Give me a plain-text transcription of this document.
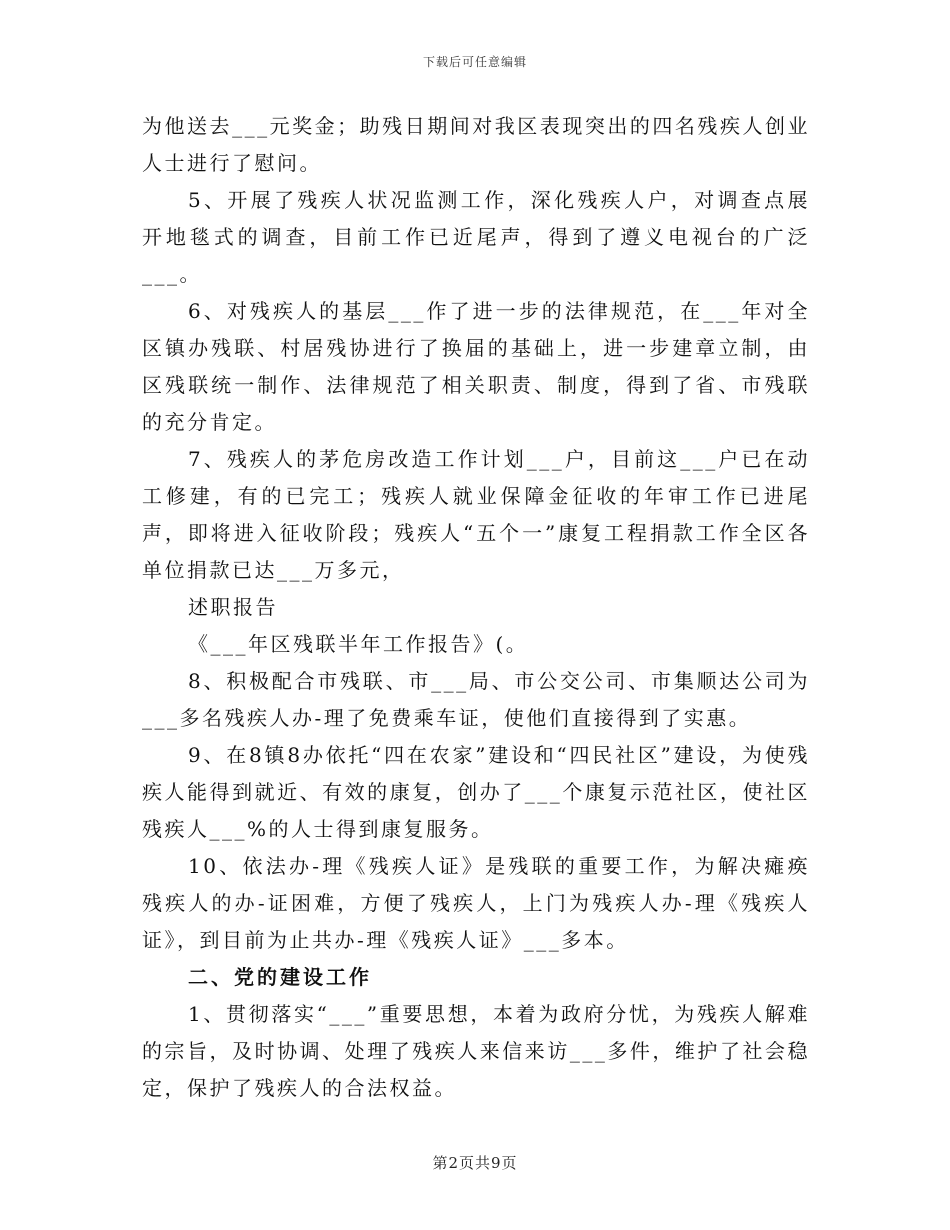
下载后可任意编辑

为他送去___元奖金；助残日期间对我区表现突出的四名残疾人创业人士进行了慰问。

5、开展了残疾人状况监测工作，深化残疾人户，对调查点展开地毯式的调查，目前工作已近尾声，得到了遵义电视台的广泛___。

6、对残疾人的基层___作了进一步的法律规范，在___年对全区镇办残联、村居残协进行了换届的基础上，进一步建章立制，由区残联统一制作、法律规范了相关职责、制度，得到了省、市残联的充分肯定。

7、残疾人的茅危房改造工作计划___户，目前这___户已在动工修建，有的已完工；残疾人就业保障金征收的年审工作已进尾声，即将进入征收阶段；残疾人“五个一”康复工程捐款工作全区各单位捐款已达___万多元，

述职报告

《___年区残联半年工作报告》(。

8、积极配合市残联、市___局、市公交公司、市集顺达公司为___多名残疾人办-理了免费乘车证，使他们直接得到了实惠。

9、在8镇8办依托“四在农家”建设和“四民社区”建设，为使残疾人能得到就近、有效的康复，创办了___个康复示范社区，使社区残疾人___%的人士得到康复服务。

10、依法办-理《残疾人证》是残联的重要工作，为解决瘫痪残疾人的办-证困难，方便了残疾人，上门为残疾人办-理《残疾人证》，到目前为止共办-理《残疾人证》___多本。

二、党的建设工作

1、贯彻落实“___”重要思想，本着为政府分忧，为残疾人解难的宗旨，及时协调、处理了残疾人来信来访___多件，维护了社会稳定，保护了残疾人的合法权益。

第2页共9页
